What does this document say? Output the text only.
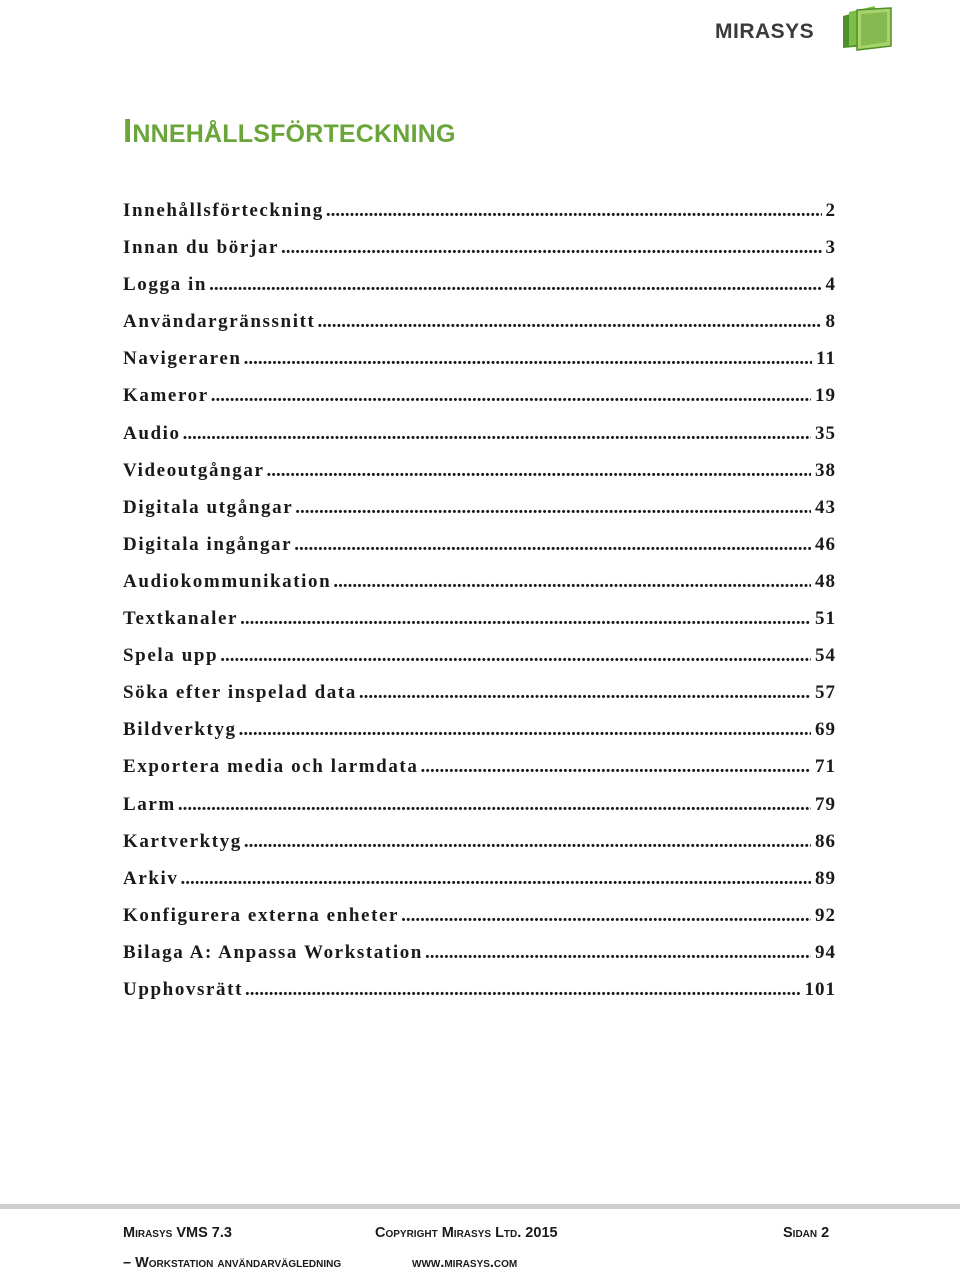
MIRASYS
INNEHÅLLSFÖRTECKNING
Innehållsförteckning .....	2
Innan du börjar .....	3
Logga in .....	4
Användargränssnitt .....	8
Navigeraren .....	11
Kameror .....	19
Audio .....	35
Videoutgångar .....	38
Digitala utgångar .....	43
Digitala ingångar .....	46
Audiokommunikation .....	48
Textkanaler .....	51
Spela upp .....	54
Söka efter inspelad data .....	57
Bildverktyg .....	69
Exportera media och larmdata .....	71
Larm .....	79
Kartverktyg .....	86
Arkiv .....	89
Konfigurera externa enheter .....	92
Bilaga A: Anpassa Workstation .....	94
Upphovsrätt .....	101
Mirasys VMS 7.3	Copyright Mirasys Ltd. 2015	Sidan 2
– Workstation användarvägledning	www.mirasys.com
